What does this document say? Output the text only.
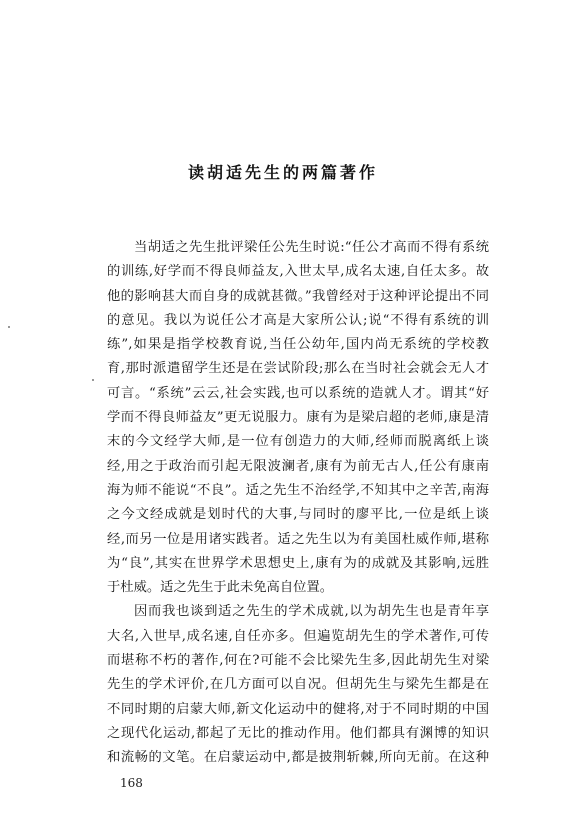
读胡适先生的两篇著作
当胡适之先生批评梁任公先生时说:“任公才高而不得有系统
的训练,好学而不得良师益友,入世太早,成名太速,自任太多。故
他的影响甚大而自身的成就甚微。”我曾经对于这种评论提出不同
的意见。我以为说任公才高是大家所公认;说“不得有系统的训
练”,如果是指学校教育说,当任公幼年,国内尚无系统的学校教
育,那时派遣留学生还是在尝试阶段;那么在当时社会就会无人才
可言。“系统”云云,社会实践,也可以系统的造就人才。谓其“好
学而不得良师益友”更无说服力。康有为是梁启超的老师,康是清
末的今文经学大师,是一位有创造力的大师,经师而脱离纸上谈
经,用之于政治而引起无限波澜者,康有为前无古人,任公有康南
海为师不能说“不良”。适之先生不治经学,不知其中之辛苦,南海
之今文经成就是划时代的大事,与同时的廖平比,一位是纸上谈
经,而另一位是用诸实践者。适之先生以为有美国杜威作师,堪称
为“良”,其实在世界学术思想史上,康有为的成就及其影响,远胜
于杜威。适之先生于此未免高自位置。
因而我也谈到适之先生的学术成就,以为胡先生也是青年享
大名,入世早,成名速,自任亦多。但遍览胡先生的学术著作,可传
而堪称不朽的著作,何在?可能不会比梁先生多,因此胡先生对梁
先生的学术评价,在几方面可以自况。但胡先生与梁先生都是在
不同时期的启蒙大师,新文化运动中的健将,对于不同时期的中国
之现代化运动,都起了无比的推动作用。他们都具有渊博的知识
和流畅的文笔。在启蒙运动中,都是披荆斩棘,所向无前。在这种
168
